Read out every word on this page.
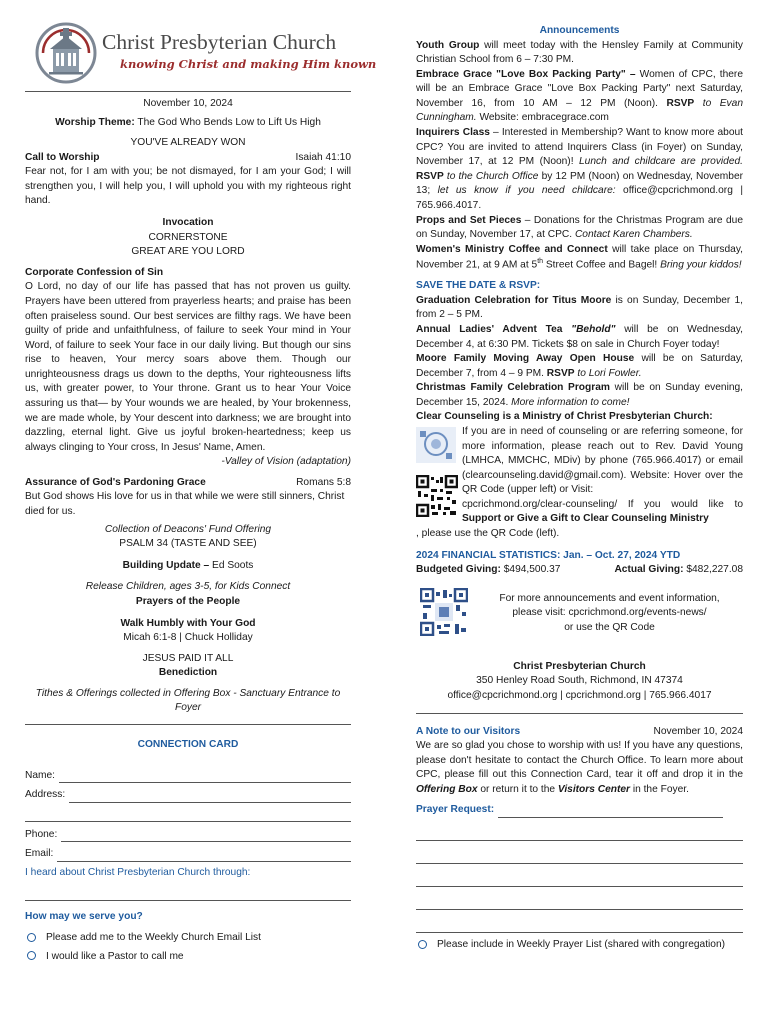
Christ Presbyterian Church
knowing Christ and making Him known

November 10, 2024

Worship Theme: The God Who Bends Low to Lift Us High

YOU'VE ALREADY WON

Call to Worship	Isaiah 41:10

Fear not, for I am with you; be not dismayed, for I am your God; I will strengthen you, I will help you, I will uphold you with my righteous right hand.

Invocation

CORNERSTONE

GREAT ARE YOU LORD

Corporate Confession of Sin

O Lord, no day of our life has passed that has not proven us guilty. Prayers have been uttered from prayerless hearts; and praise has been often praiseless sound. Our best services are filthy rags. We have been guilty of pride and unfaithfulness, of failure to seek Your mind in Your Word, of failure to seek Your face in our daily living. But though our sins rise to heaven, Your mercy soars above them. Though our unrighteousness drags us down to the depths, Your righteousness lifts us, with greater power, to Your throne. Grant us to hear Your Voice assuring us that— by Your wounds we are healed, by Your brokenness, we are made whole, by Your descent into darkness; we are brought into dazzling, eternal light. Give us joyful broken-heartedness; keep us always clinging to Your cross, In Jesus' Name, Amen.

-Valley of Vision (adaptation)

Assurance of God's Pardoning Grace	Romans 5:8

But God shows His love for us in that while we were still sinners, Christ died for us.

Collection of Deacons' Fund Offering

PSALM 34 (TASTE AND SEE)

Building Update – Ed Soots

Release Children, ages 3-5, for Kids Connect

Prayers of the People

Walk Humbly with Your God

Micah 6:1-8 | Chuck Holliday

JESUS PAID IT ALL

Benediction

Tithes & Offerings collected in Offering Box - Sanctuary Entrance to Foyer

CONNECTION CARD

Name:
Address:
Phone:
Email:

I heard about Christ Presbyterian Church through:

How may we serve you?

Please add me to the Weekly Church Email List

I would like a Pastor to call me

Announcements

Youth Group will meet today with the Hensley Family at Community Christian School from 6 – 7:30 PM.

Embrace Grace "Love Box Packing Party" – Women of CPC, there will be an Embrace Grace "Love Box Packing Party" next Saturday, November 16, from 10 AM – 12 PM (Noon). RSVP to Evan Cunningham. Website: embracegrace.com

Inquirers Class – Interested in Membership? Want to know more about CPC? You are invited to attend Inquirers Class (in Foyer) on Sunday, November 17, at 12 PM (Noon)! Lunch and childcare are provided. RSVP to the Church Office by 12 PM (Noon) on Wednesday, November 13; let us know if you need childcare: office@cpcrichmond.org | 765.966.4017.

Props and Set Pieces – Donations for the Christmas Program are due on Sunday, November 17, at CPC. Contact Karen Chambers.

Women's Ministry Coffee and Connect will take place on Thursday, November 21, at 9 AM at 5th Street Coffee and Bagel! Bring your kiddos!

SAVE THE DATE & RSVP:

Graduation Celebration for Titus Moore is on Sunday, December 1, from 2 – 5 PM.

Annual Ladies' Advent Tea "Behold" will be on Wednesday, December 4, at 6:30 PM. Tickets $8 on sale in Church Foyer today!

Moore Family Moving Away Open House will be on Saturday, December 7, from 4 – 9 PM. RSVP to Lori Fowler.

Christmas Family Celebration Program will be on Sunday evening, December 15, 2024. More information to come!

Clear Counseling is a Ministry of Christ Presbyterian Church:

If you are in need of counseling or are referring someone, for more information, please reach out to Rev. David Young (LMHCA, MMCHC, MDiv) by phone (765.966.4017) or email (clearcounseling.david@gmail.com). Website: Hover over the QR Code (upper left) or Visit:

cpcrichmond.org/clear-counseling/ If you would like to Support or Give a Gift to Clear Counseling Ministry

, please use the QR Code (left).

2024 FINANCIAL STATISTICS: Jan. – Oct. 27, 2024 YTD

Budgeted Giving: $494,500.37	Actual Giving: $482,227.08

For more announcements and event information,

please visit: cpcrichmond.org/events-news/

or use the QR Code

Christ Presbyterian Church

350 Henley Road South, Richmond, IN 47374

office@cpcrichmond.org | cpcrichmond.org | 765.966.4017

A Note to our Visitors	November 10, 2024

We are so glad you chose to worship with us! If you have any questions, please don't hesitate to contact the Church Office. To learn more about CPC, please fill out this Connection Card, tear it off and drop it in the Offering Box or return it to the Visitors Center in the Foyer.

Prayer Request:

Please include in Weekly Prayer List (shared with congregation)
